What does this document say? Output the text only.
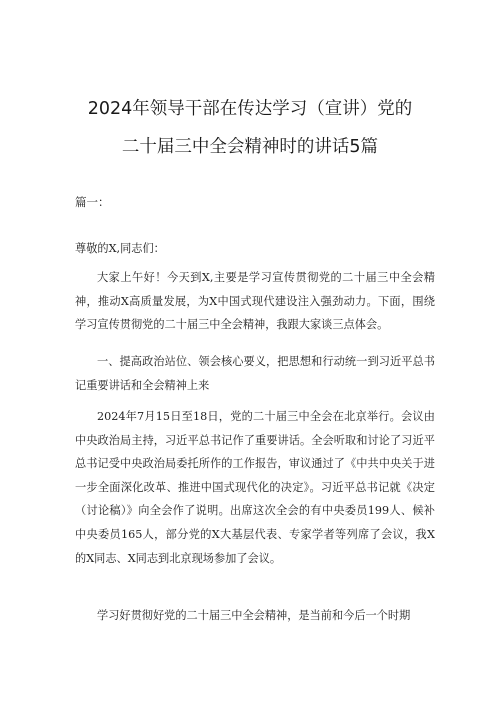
2024年领导干部在传达学习（宣讲）党的
二十届三中全会精神时的讲话5篇

篇一：

尊敬的X,同志们：

大家上午好！今天到X,主要是学习宣传贯彻党的二十届三中全会精神，推动X高质量发展，为X中国式现代建设注入强劲动力。下面，围绕学习宣传贯彻党的二十届三中全会精神，我跟大家谈三点体会。

一、提高政治站位、领会核心要义，把思想和行动统一到习近平总书记重要讲话和全会精神上来

2024年7月15日至18日，党的二十届三中全会在北京举行。会议由中央政治局主持，习近平总书记作了重要讲话。全会听取和讨论了习近平总书记受中央政治局委托所作的工作报告，审议通过了《中共中央关于进一步全面深化改革、推进中国式现代化的决定》。习近平总书记就《决定（讨论稿）》向全会作了说明。出席这次全会的有中央委员199人、候补中央委员165人，部分党的X大基层代表、专家学者等列席了会议，我X的X同志、X同志到北京现场参加了会议。

学习好贯彻好党的二十届三中全会精神，是当前和今后一个时期
